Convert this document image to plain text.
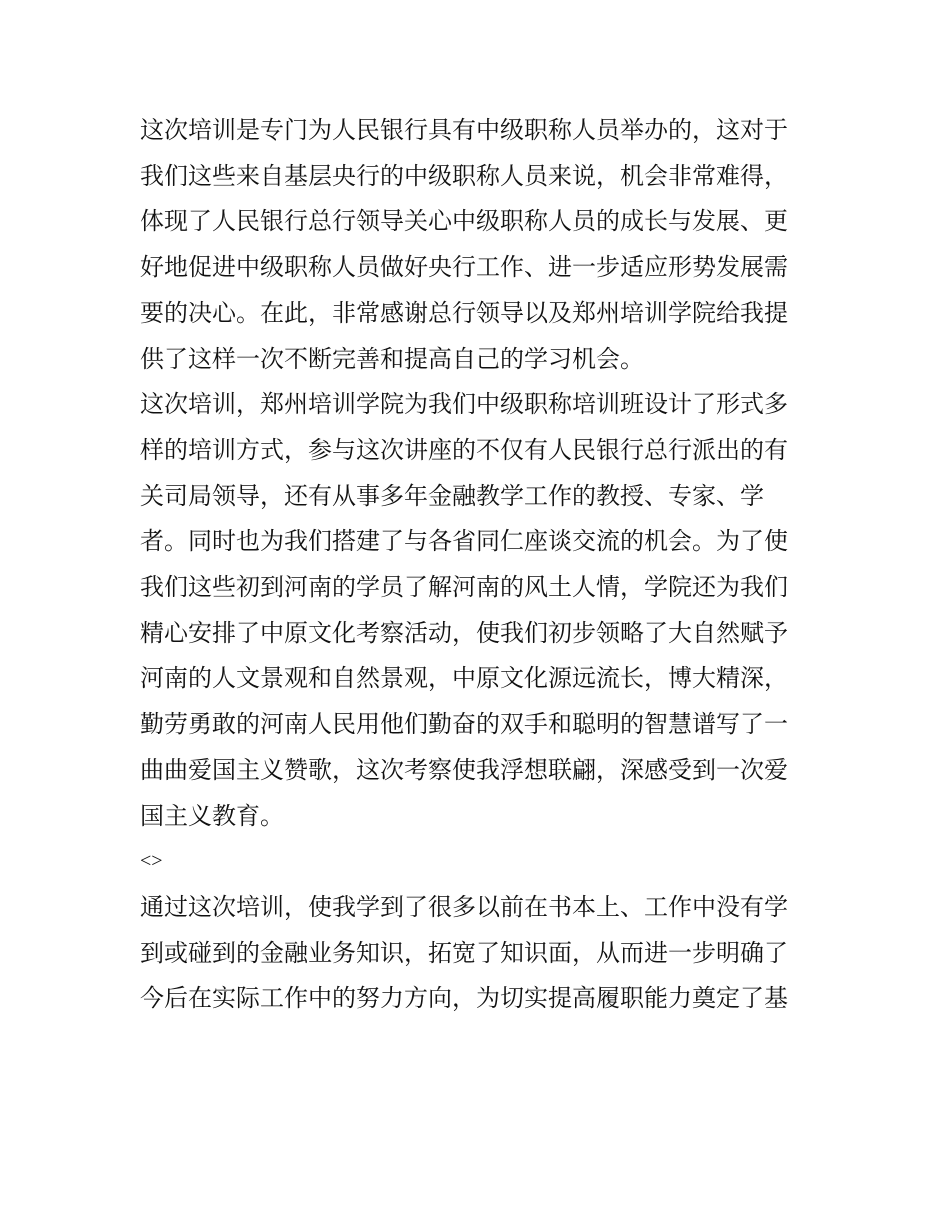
这次培训是专门为人民银行具有中级职称人员举办的，这对于
我们这些来自基层央行的中级职称人员来说，机会非常难得，
体现了人民银行总行领导关心中级职称人员的成长与发展、更
好地促进中级职称人员做好央行工作、进一步适应形势发展需
要的决心。在此，非常感谢总行领导以及郑州培训学院给我提
供了这样一次不断完善和提高自己的学习机会。

这次培训，郑州培训学院为我们中级职称培训班设计了形式多
样的培训方式，参与这次讲座的不仅有人民银行总行派出的有
关司局领导，还有从事多年金融教学工作的教授、专家、学
者。同时也为我们搭建了与各省同仁座谈交流的机会。为了使
我们这些初到河南的学员了解河南的风土人情，学院还为我们
精心安排了中原文化考察活动，使我们初步领略了大自然赋予
河南的人文景观和自然景观，中原文化源远流长，博大精深，
勤劳勇敢的河南人民用他们勤奋的双手和聪明的智慧谱写了一
曲曲爱国主义赞歌，这次考察使我浮想联翩，深感受到一次爱
国主义教育。

<>

通过这次培训，使我学到了很多以前在书本上、工作中没有学
到或碰到的金融业务知识，拓宽了知识面，从而进一步明确了
今后在实际工作中的努力方向，为切实提高履职能力奠定了基
